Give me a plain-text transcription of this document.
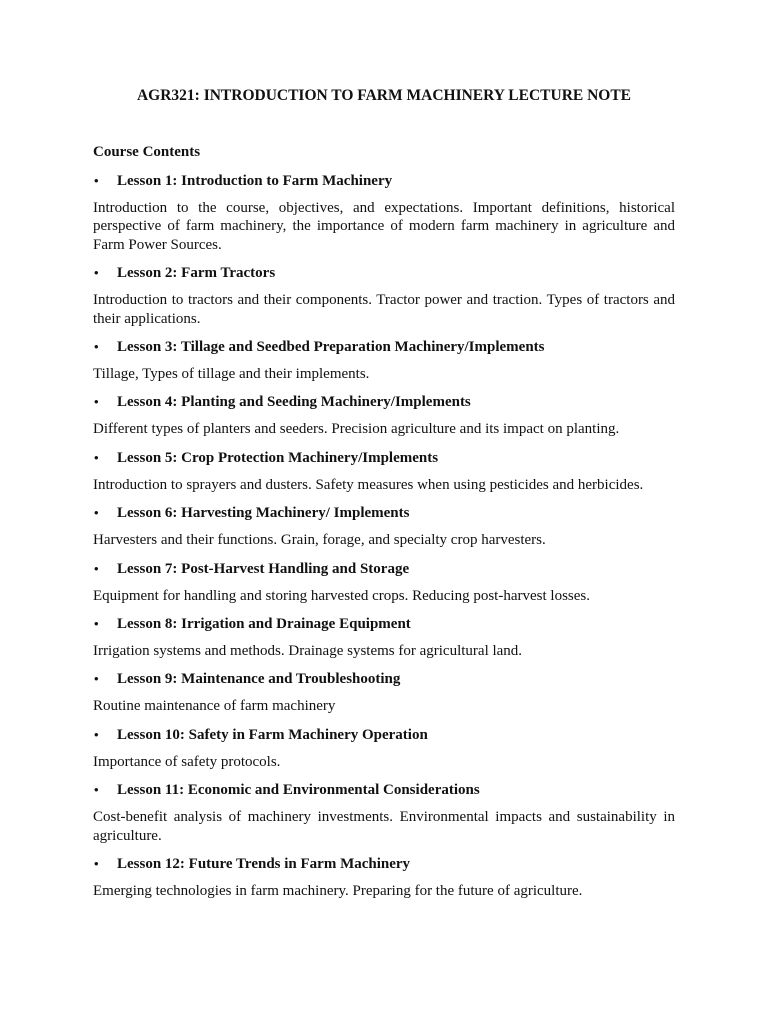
AGR321: INTRODUCTION TO FARM MACHINERY LECTURE NOTE
Course Contents
•	Lesson 1: Introduction to Farm Machinery

Introduction to the course, objectives, and expectations. Important definitions, historical perspective of farm machinery, the importance of modern farm machinery in agriculture and Farm Power Sources.

•	Lesson 2: Farm Tractors

Introduction to tractors and their components. Tractor power and traction. Types of tractors and their applications.

•	Lesson 3: Tillage and Seedbed Preparation Machinery/Implements

Tillage, Types of tillage and their implements.

•	Lesson 4: Planting and Seeding Machinery/Implements

Different types of planters and seeders. Precision agriculture and its impact on planting.

•	Lesson 5: Crop Protection Machinery/Implements

Introduction to sprayers and dusters. Safety measures when using pesticides and herbicides.

•	Lesson 6: Harvesting Machinery/ Implements

Harvesters and their functions. Grain, forage, and specialty crop harvesters.

•	Lesson 7: Post-Harvest Handling and Storage

Equipment for handling and storing harvested crops. Reducing post-harvest losses.

•	Lesson 8: Irrigation and Drainage Equipment

Irrigation systems and methods. Drainage systems for agricultural land.

•	Lesson 9: Maintenance and Troubleshooting

Routine maintenance of farm machinery

•	Lesson 10: Safety in Farm Machinery Operation

Importance of safety protocols.

•	Lesson 11: Economic and Environmental Considerations

Cost-benefit analysis of machinery investments. Environmental impacts and sustainability in agriculture.

•	Lesson 12: Future Trends in Farm Machinery

Emerging technologies in farm machinery. Preparing for the future of agriculture.
